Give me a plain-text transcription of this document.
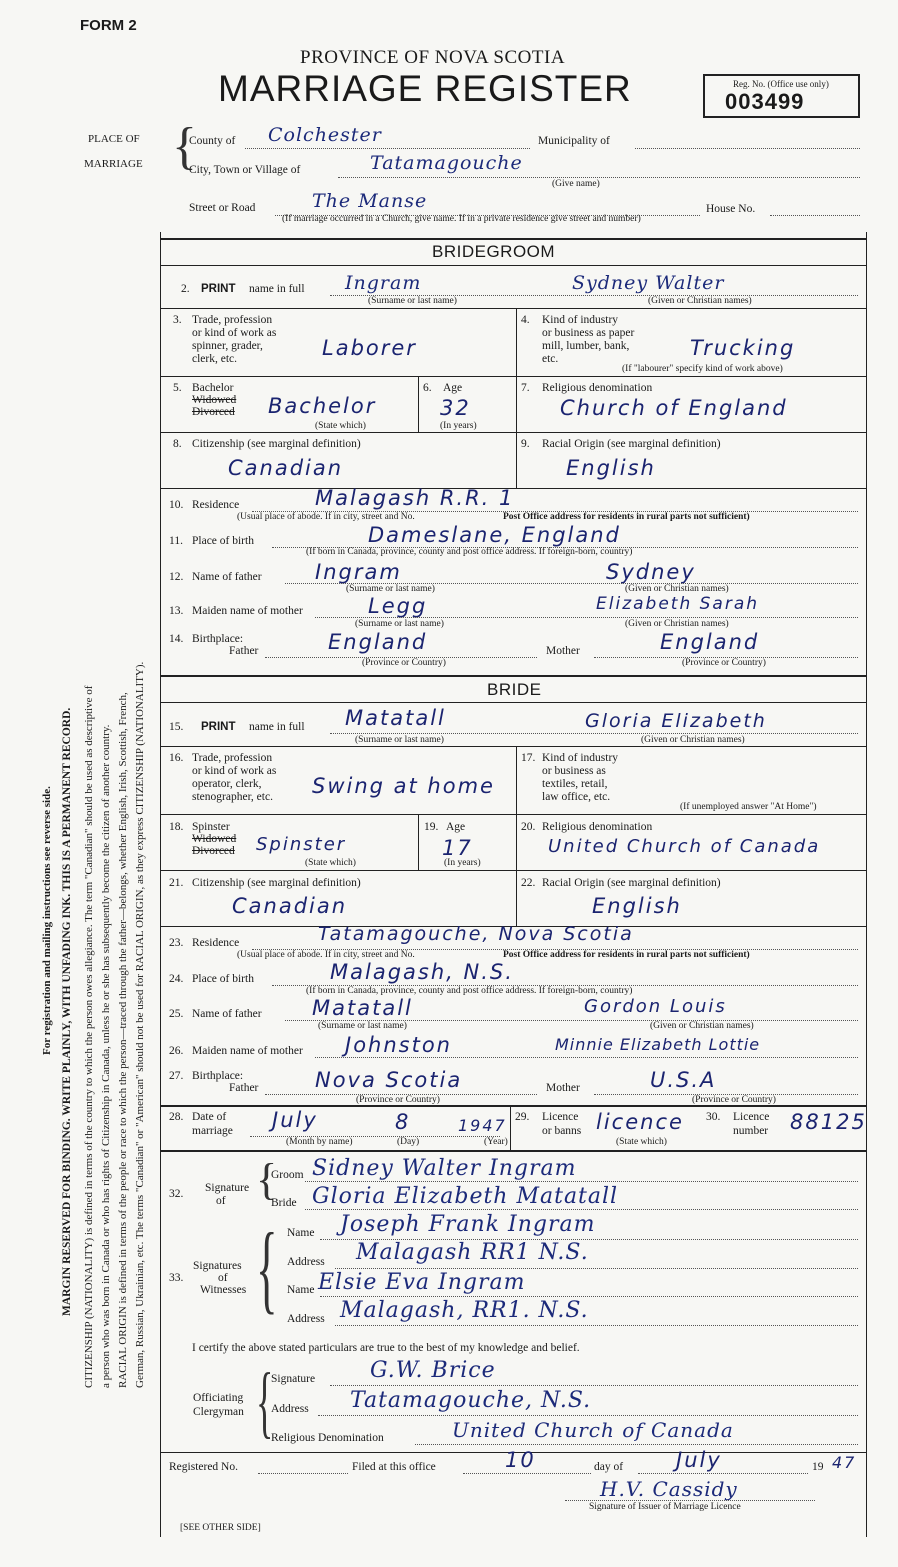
FORM 2
PROVINCE OF NOVA SCOTIA
MARRIAGE REGISTER	Reg. No. (Office use only)
003499
For registration and mailing instructions see reverse side. MARGIN RESERVED FOR BINDING. WRITE PLAINLY, WITH UNFADING INK. THIS IS A PERMANENT RECORD. CITIZENSHIP (NATIONALITY) is defined in terms of the country to which the person owes allegiance. The term "Canadian" should be used as descriptive of a person who was born in Canada or who has rights of Citizenship in Canada, unless he or she has subsequently become the citizen of another country. RACIAL ORIGIN is defined in terms of the people or race to which the person—traced through the father—belongs, whether English, Irish, Scottish, French, German, Russian, Ukrainian, etc. The terms "Canadian" or "American" should not be used for RACIAL ORIGIN, as they express CITIZENSHIP (NATIONALITY).
PLACE OF
MARRIAGE {
County of Colchester	Municipality of
City, Town or Village of	Tatamagouche
(Give name)
Street or Road	The Manse	House No.
(If marriage occurred in a Church, give name. If in a private residence give street and number)
BRIDEGROOM
2. PRINT name in full Ingram	Sydney Walter
(Surname or last name)	(Given or Christian names)
3. Trade, profession
or kind of work as
spinner, grader,
clerk, etc.	Laborer
4. Kind of industry
or business as paper
mill, lumber, bank,
etc.	Trucking
(If "labourer" specify kind of work above)
5. Bachelor
Widowed
Divorced Bachelor
(State which)
6. Age
32
(In years)
7. Religious denomination
Church of England
8. Citizenship (see marginal definition)
Canadian
9. Racial Origin (see marginal definition)
English
10. Residence	Malagash R.R. 1
(Usual place of abode. If in city, street and No.	Post Office address for residents in rural parts not sufficient)
11. Place of birth	Dameslane, England
(If born in Canada, province, county and post office address. If foreign-born, country)
12. Name of father	Ingram	Sydney
(Surname or last name)	(Given or Christian names)
13. Maiden name of mother	Legg	Elizabeth Sarah
(Surname or last name)	(Given or Christian names)
14. Birthplace:
Father	England
(Province or Country)
Mother	England
(Province or Country)
BRIDE
15. PRINT name in full Matatall	Gloria Elizabeth
(Surname or last name)	(Given or Christian names)
16. Trade, profession
or kind of work as
operator, clerk,
stenographer, etc. Swing at home
17. Kind of industry
or business as
textiles, retail,
law office, etc.
(If unemployed answer "At Home")
18. Spinster
Widowed
Divorced Spinster
(State which)
19. Age
17
(In years)
20. Religious denomination
United Church of Canada
21. Citizenship (see marginal definition)
Canadian
22. Racial Origin (see marginal definition)
English
23. Residence	Tatamagouche, Nova Scotia
(Usual place of abode. If in city, street and No.	Post Office address for residents in rural parts not sufficient)
24. Place of birth	Malagash, N.S.
(If born in Canada, province, county and post office address. If foreign-born, country)
25. Name of father Matatall	Gordon Louis
(Surname or last name)	(Given or Christian names)
26. Maiden name of mother Johnston	Minnie Elizabeth Lottie
27. Birthplace:
Father	Nova Scotia
(Province or Country)
Mother	U.S.A
(Province or Country)
28. Date of
marriage July	8	1947
(Month by name)	(Day)	(Year)
29. Licence
or banns licence
(State which)
30. Licence
number 88125
32. Signature
of {
Groom Sidney Walter Ingram
Bride Gloria Elizabeth Matatall
33.
Signatures
of
Witnesses { Name Joseph Frank Ingram
Address Malagash RR1 N.S.
Name Elsie Eva Ingram
Address Malagash, RR1. N.S.
I certify the above stated particulars are true to the best of my knowledge and belief.
Officiating
Clergyman {
Signature G.W. Brice
Address Tatamagouche, N.S.
Religious Denomination	United Church of Canada
Registered No.	Filed at this office	10	day of	July	19 47
H.V. Cassidy
Signature of Issuer of Marriage Licence
[SEE OTHER SIDE]
